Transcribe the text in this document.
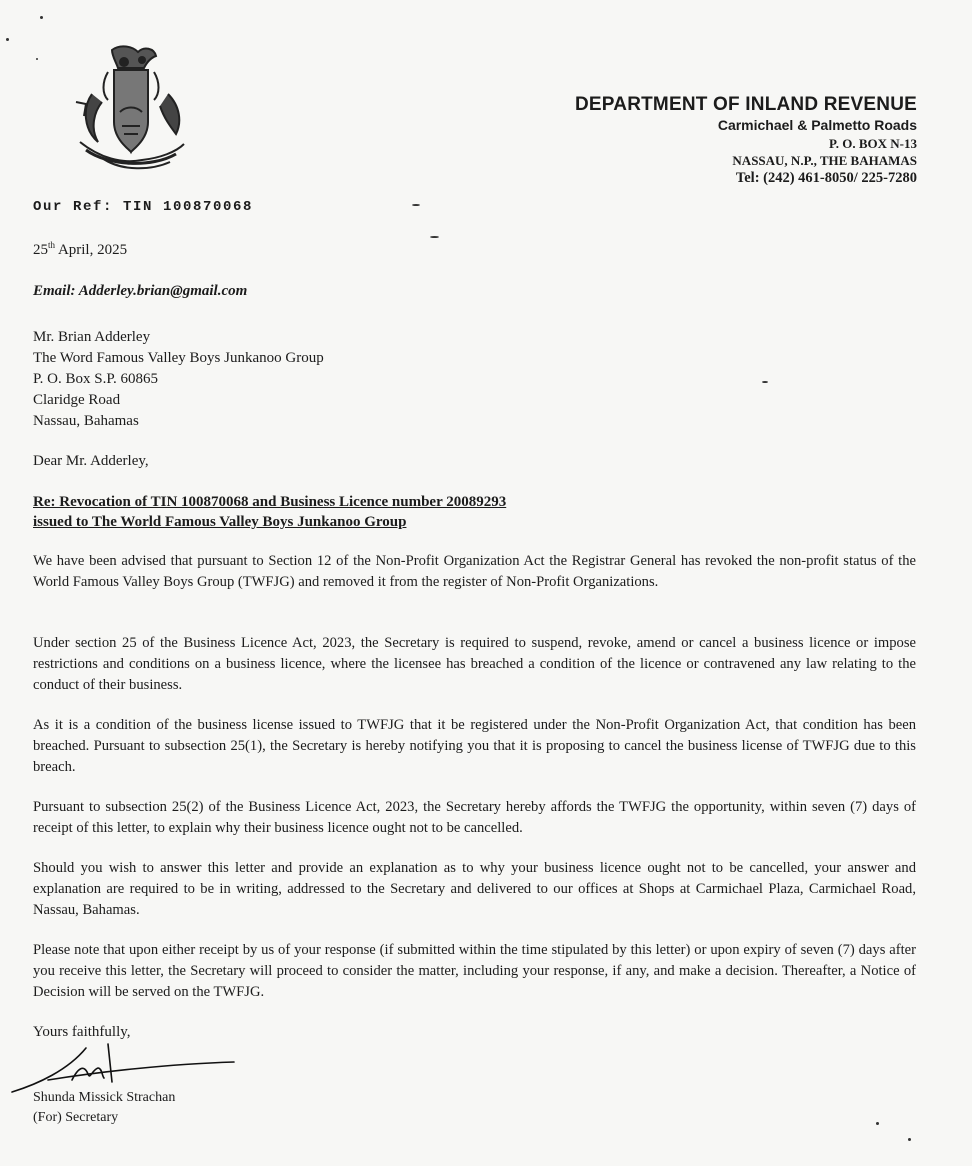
DEPARTMENT OF INLAND REVENUE
Carmichael & Palmetto Roads
P. O. BOX N-13
NASSAU, N.P., THE BAHAMAS
Tel: (242) 461-8050/ 225-7280
Our Ref: TIN 100870068
25th April, 2025
Email: Adderley.brian@gmail.com
Mr. Brian Adderley
The Word Famous Valley Boys Junkanoo Group
P. O. Box S.P. 60865
Claridge Road
Nassau, Bahamas
Dear Mr. Adderley,
Re: Revocation of TIN 100870068 and Business Licence number 20089293
issued to The World Famous Valley Boys Junkanoo Group
We have been advised that pursuant to Section 12 of the Non-Profit Organization Act the Registrar General has revoked the non-profit status of the World Famous Valley Boys Group (TWFJG) and removed it from the register of Non-Profit Organizations.
Under section 25 of the Business Licence Act, 2023, the Secretary is required to suspend, revoke, amend or cancel a business licence or impose restrictions and conditions on a business licence, where the licensee has breached a condition of the licence or contravened any law relating to the conduct of their business.
As it is a condition of the business license issued to TWFJG that it be registered under the Non-Profit Organization Act, that condition has been breached. Pursuant to subsection 25(1), the Secretary is hereby notifying you that it is proposing to cancel the business license of TWFJG due to this breach.
Pursuant to subsection 25(2) of the Business Licence Act, 2023, the Secretary hereby affords the TWFJG the opportunity, within seven (7) days of receipt of this letter, to explain why their business licence ought not to be cancelled.
Should you wish to answer this letter and provide an explanation as to why your business licence ought not to be cancelled, your answer and explanation are required to be in writing, addressed to the Secretary and delivered to our offices at Shops at Carmichael Plaza, Carmichael Road, Nassau, Bahamas.
Please note that upon either receipt by us of your response (if submitted within the time stipulated by this letter) or upon expiry of seven (7) days after you receive this letter, the Secretary will proceed to consider the matter, including your response, if any, and make a decision. Thereafter, a Notice of Decision will be served on the TWFJG.
Yours faithfully,
Shunda Missick Strachan
(For) Secretary
